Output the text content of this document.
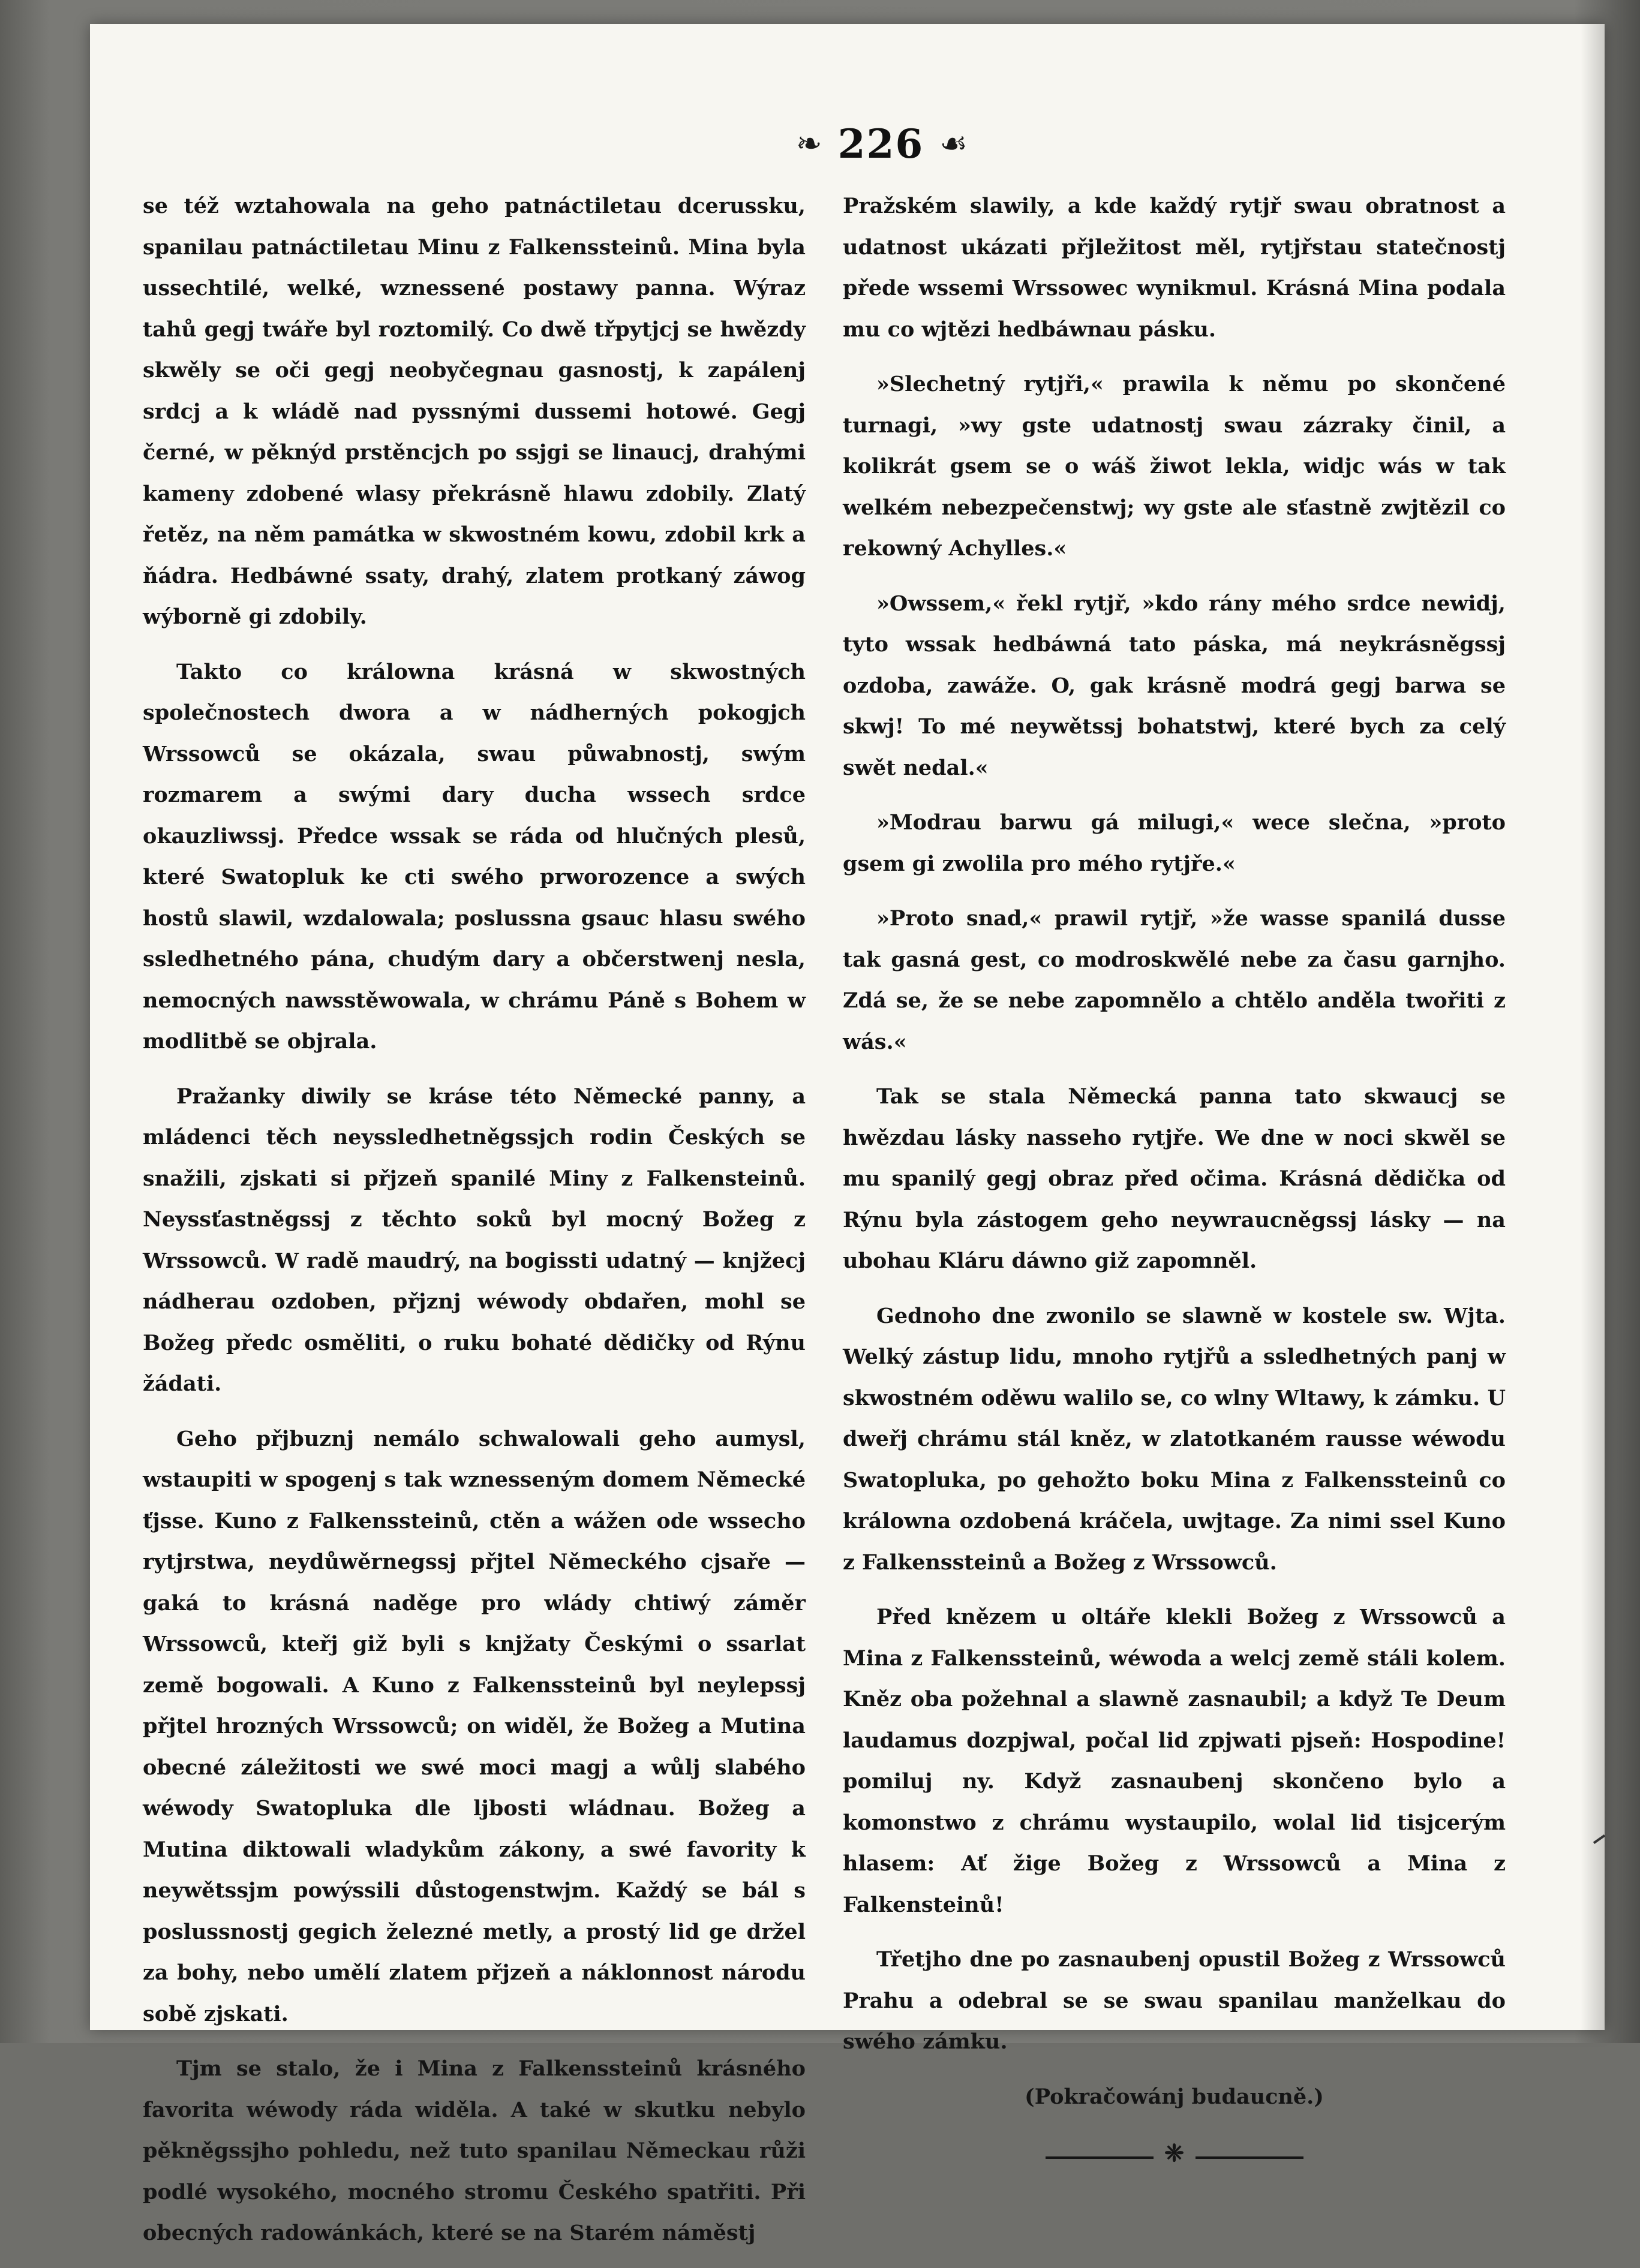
❧ 226 ☙

se též wztahowala na geho patnáctiletau dcerussku, spanilau patnáctiletau Minu z Falkenssteinů. Mina byla ussechtilé, welké, wznessené postawy panna. Wýraz tahů gegj twáře byl roztomilý. Co dwě třpytjcj se hwězdy skwěly se oči gegj neobyčegnau gasnostj, k zapálenj srdcj a k wládě nad pyssnými dussemi hotowé. Gegj černé, w pěknýd prstěncjch po ssjgi se linaucj, drahými kameny zdobené wlasy překrásně hlawu zdobily. Zlatý řetěz, na něm památka w skwostném kowu, zdobil krk a ňádra. Hedbáwné ssaty, drahý, zlatem protkaný záwog wýborně gi zdobily.

Takto co králowna krásná w skwostných společnostech dwora a w nádherných pokogjch Wrssowců se okázala, swau půwabnostj, swým rozmarem a swými dary ducha wssech srdce okauzliwssj. Předce wssak se ráda od hlučných plesů, které Swatopluk ke cti swého prworozence a swých hostů slawil, wzdalowala; poslussna gsauc hlasu swého ssledhetného pána, chudým dary a občerstwenj nesla, nemocných nawsstěwowala, w chrámu Páně s Bohem w modlitbě se objrala.

Pražanky diwily se kráse této Německé panny, a mládenci těch neyssledhetněgssjch rodin Českých se snažili, zjskati si přjzeň spanilé Miny z Falkensteinů. Neyssťastněgssj z těchto soků byl mocný Božeg z Wrssowců. W radě maudrý, na bogissti udatný — knjžecj nádherau ozdoben, přjznj wéwody obdařen, mohl se Božeg předc osměliti, o ruku bohaté dědičky od Rýnu žádati.

Geho přjbuznj nemálo schwalowali geho aumysl, wstaupiti w spogenj s tak wznesseným domem Německé ťjsse. Kuno z Falkenssteinů, ctěn a wážen ode wssecho rytjrstwa, neydůwěrnegssj přjtel Německého cjsaře — gaká to krásná naděge pro wlády chtiwý záměr Wrssowců, kteřj giž byli s knjžaty Českými o ssarlat země bogowali. A Kuno z Falkenssteinů byl neylepssj přjtel hrozných Wrssowců; on widěl, že Božeg a Mutina obecné záležitosti we swé moci magj a wůlj slabého wéwody Swatopluka dle ljbosti wládnau. Božeg a Mutina diktowali wladykům zákony, a swé favority k neywětssjm powýssili důstogenstwjm. Každý se bál s poslussnostj gegich železné metly, a prostý lid ge držel za bohy, nebo umělí zlatem přjzeň a náklonnost národu sobě zjskati.

Tjm se stalo, že i Mina z Falkenssteinů krásného favorita wéwody ráda widěla. A také w skutku nebylo pěkněgssjho pohledu, než tuto spanilau Německau růži podlé wysokého, mocného stromu Českého spatřiti. Při obecných radowánkách, které se na Starém náměstj

Pražském slawily, a kde každý rytjř swau obratnost a udatnost ukázati přjležitost měl, rytjřstau statečnostj přede wssemi Wrssowec wynikmul. Krásná Mina podala mu co wjtězi hedbáwnau pásku.

»Slechetný rytjři,« prawila k němu po skončené turnagi, »wy gste udatnostj swau zázraky činil, a kolikrát gsem se o wáš žiwot lekla, widjc wás w tak welkém nebezpečenstwj; wy gste ale sťastně zwjtězil co rekowný Achylles.«

»Owssem,« řekl rytjř, »kdo rány mého srdce newidj, tyto wssak hedbáwná tato páska, má neykrásněgssj ozdoba, zawáže. O, gak krásně modrá gegj barwa se skwj! To mé neywětssj bohatstwj, které bych za celý swět nedal.«

»Modrau barwu gá milugi,« wece slečna, »proto gsem gi zwolila pro mého rytjře.«

»Proto snad,« prawil rytjř, »že wasse spanilá dusse tak gasná gest, co modroskwělé nebe za času garnjho. Zdá se, že se nebe zapomnělo a chtělo anděla twořiti z wás.«

Tak se stala Německá panna tato skwaucj se hwězdau lásky nasseho rytjře. We dne w noci skwěl se mu spanilý gegj obraz před očima. Krásná dědička od Rýnu byla zástogem geho neywraucněgssj lásky — na ubohau Kláru dáwno giž zapomněl.

Gednoho dne zwonilo se slawně w kostele sw. Wjta. Welký zástup lidu, mnoho rytjřů a ssledhetných panj w skwostném oděwu walilo se, co wlny Wltawy, k zámku. U dweřj chrámu stál kněz, w zlatotkaném rausse wéwodu Swatopluka, po gehožto boku Mina z Falkenssteinů co králowna ozdobená kráčela, uwjtage. Za nimi ssel Kuno z Falkenssteinů a Božeg z Wrssowců.

Před knězem u oltáře klekli Božeg z Wrssowců a Mina z Falkenssteinů, wéwoda a welcj země stáli kolem. Kněz oba požehnal a slawně zasnaubil; a když Te Deum laudamus dozpjwal, počal lid zpjwati pjseň: Hospodine! pomiluj ny. Když zasnaubenj skončeno bylo a komonstwo z chrámu wystaupilo, wolal lid tisjcerým hlasem: Ať žige Božeg z Wrssowců a Mina z Falkensteinů!

Třetjho dne po zasnaubenj opustil Božeg z Wrssowců Prahu a odebral se se swau spanilau manželkau do swého zámku.

(Pokračowánj budaucně.)

❈
